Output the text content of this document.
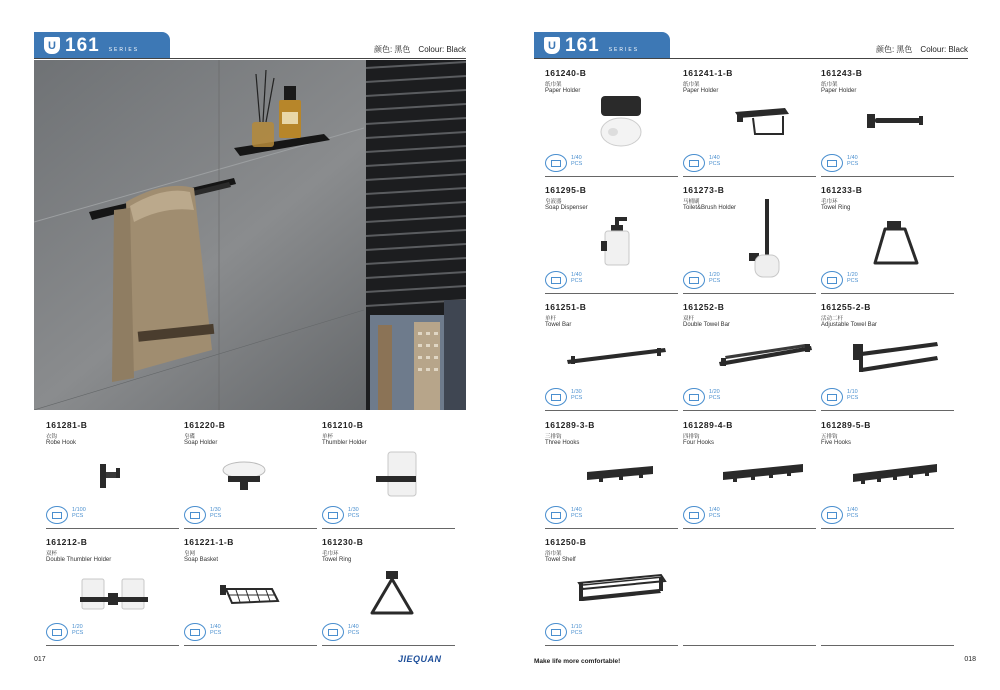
U 161 SERIES	颜色: 黑色 Colour: Black
161281-B
衣钩
Robe Hook
1/100
PCS
161220-B
皂碟
Soap Holder
1/30
PCS
161210-B
单杯
Thumbler Holder
1/30
PCS
161212-B
双杯
Double Thumbler Holder
1/20
PCS
161221-1-B
皂网
Soap Basket
1/40
PCS
161230-B
毛巾环
Towel Ring
1/40
PCS
017	JIEQUAN
U 161 SERIES	颜色: 黑色 Colour: Black
161240-B
纸巾架
Paper Holder
1/40
PCS
161241-1-B
纸巾架
Paper Holder
1/40
PCS
161243-B
纸巾架
Paper Holder
1/40
PCS
161295-B
皂液器
Soap Dispenser
1/40
PCS
161273-B
马桶刷
Toilet&Brush Holder
1/20
PCS
161233-B
毛巾环
Towel Ring
1/20
PCS
161251-B
单杆
Towel Bar
1/30
PCS
161252-B
双杆
Double Towel Bar
1/20
PCS
161255-2-B
活动二杆
Adjustable Towel Bar
1/10
PCS
161289-3-B
三排钩
Three Hooks
1/40
PCS
161289-4-B
四排钩
Four Hooks
1/40
PCS
161289-5-B
五排钩
Five Hooks
1/40
PCS
161250-B
浴巾架
Towel Shelf
1/10
PCS
Make life more comfortable!	018
